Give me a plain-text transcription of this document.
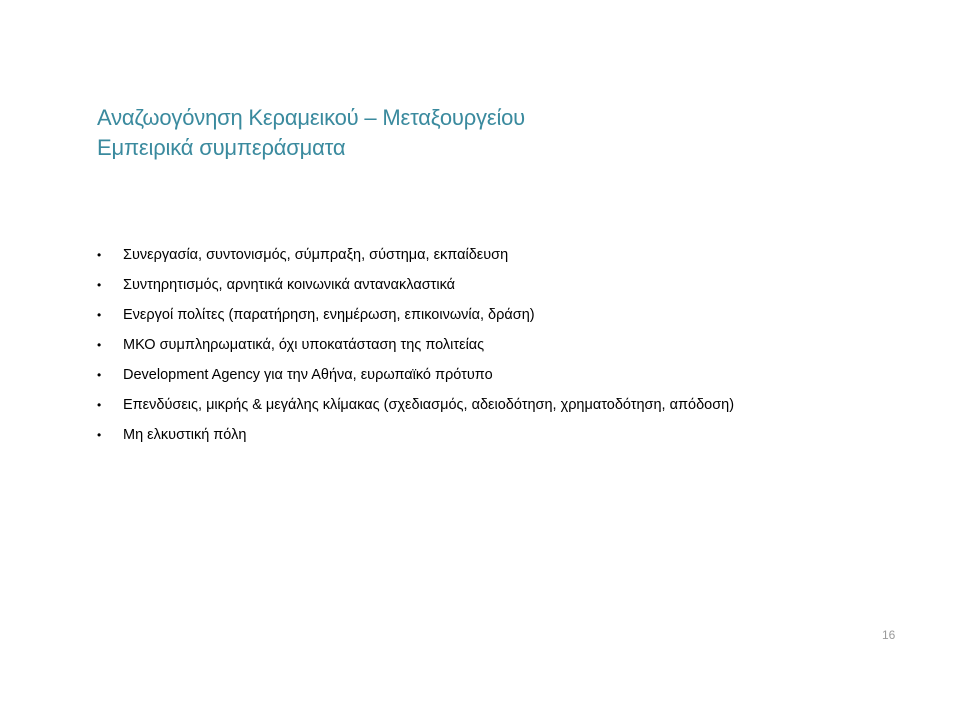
Αναζωογόνηση Κεραμεικού – Μεταξουργείου
Εμπειρικά συμπεράσματα
•	Συνεργασία, συντονισμός, σύμπραξη, σύστημα, εκπαίδευση
•	Συντηρητισμός, αρνητικά κοινωνικά αντανακλαστικά
•	Ενεργοί πολίτες (παρατήρηση, ενημέρωση, επικοινωνία, δράση)
•	ΜΚΟ συμπληρωματικά, όχι υποκατάσταση της πολιτείας
•	Development Agency για την Αθήνα, ευρωπαϊκό πρότυπο
•	Επενδύσεις, μικρής & μεγάλης κλίμακας (σχεδιασμός, αδειοδότηση, χρηματοδότηση, απόδοση)
•	Μη ελκυστική πόλη
16
